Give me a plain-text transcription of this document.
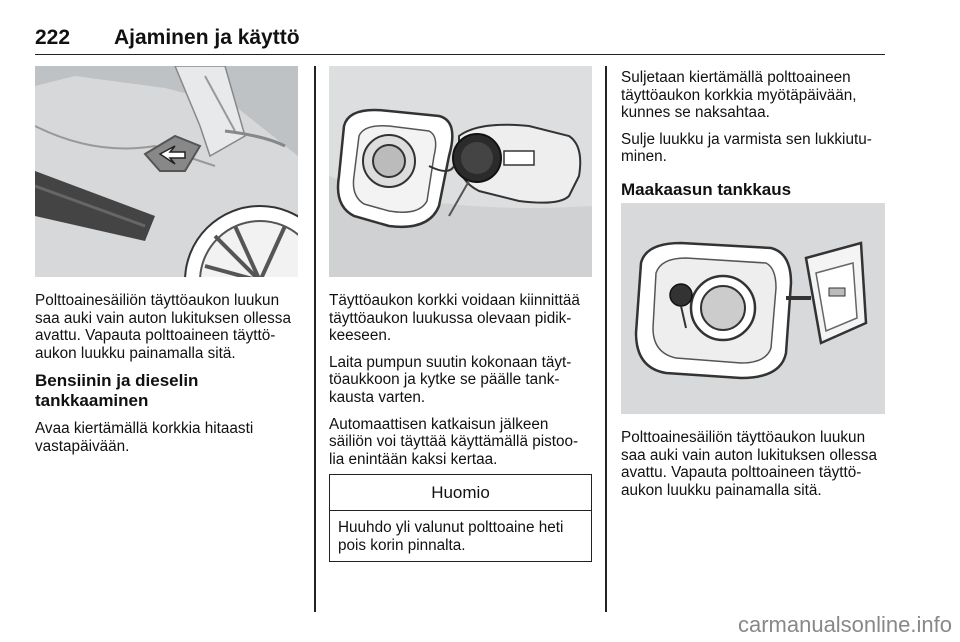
222 Ajaminen ja käyttö

Polttoainesäiliön täyttöaukon luukun saa auki vain auton lukituksen ollessa avattu. Vapauta polttoaineen täyttö-aukon luukku painamalla sitä.

Bensiinin ja dieselin tankkaaminen

Avaa kiertämällä korkkia hitaasti vastapäivään.

Täyttöaukon korkki voidaan kiinnittää täyttöaukon luukussa olevaan pidik-keeseen.

Laita pumpun suutin kokonaan täyt-töaukkoon ja kytke se päälle tank-kausta varten.

Automaattisen katkaisun jälkeen säiliön voi täyttää käyttämällä pistoo-lia enintään kaksi kertaa.

Huomio
Huuhdo yli valunut polttoaine heti pois korin pinnalta.

Suljetaan kiertämällä polttoaineen täyttöaukon korkkia myötäpäivään, kunnes se naksahtaa.

Sulje luukku ja varmista sen lukkiutu-minen.

Maakaasun tankkaus

Polttoainesäiliön täyttöaukon luukun saa auki vain auton lukituksen ollessa avattu. Vapauta polttoaineen täyttö-aukon luukku painamalla sitä.

carmanualsonline.info
